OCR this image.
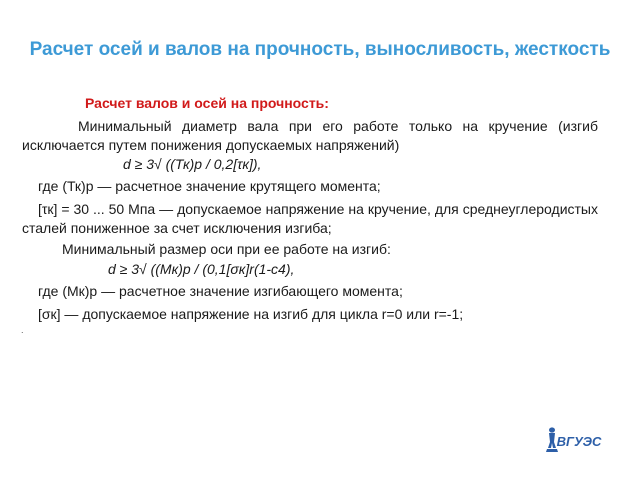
Расчет осей и валов на прочность, выносливость, жесткость

Расчет валов и осей на прочность:

Минимальный диаметр вала при его работе только на кручение (изгиб исключается путем понижения допускаемых напряжений)

d ≥ 3√ ((Тк)р / 0,2[τк]),

где (Тк)р — расчетное значение крутящего момента;

[τк] = 30 ... 50 Мпа — допускаемое напряжение на кручение, для среднеуглеродистых сталей пониженное за счет исключения изгиба;

Минимальный размер оси при ее работе на изгиб:

d ≥ 3√ ((Мк)р / (0,1[σк]r(1-c4),

где (Мк)р — расчетное значение изгибающего момента;

[σк] — допускаемое напряжение на изгиб для цикла r=0 или r=-1;

.
ВГУЭС
